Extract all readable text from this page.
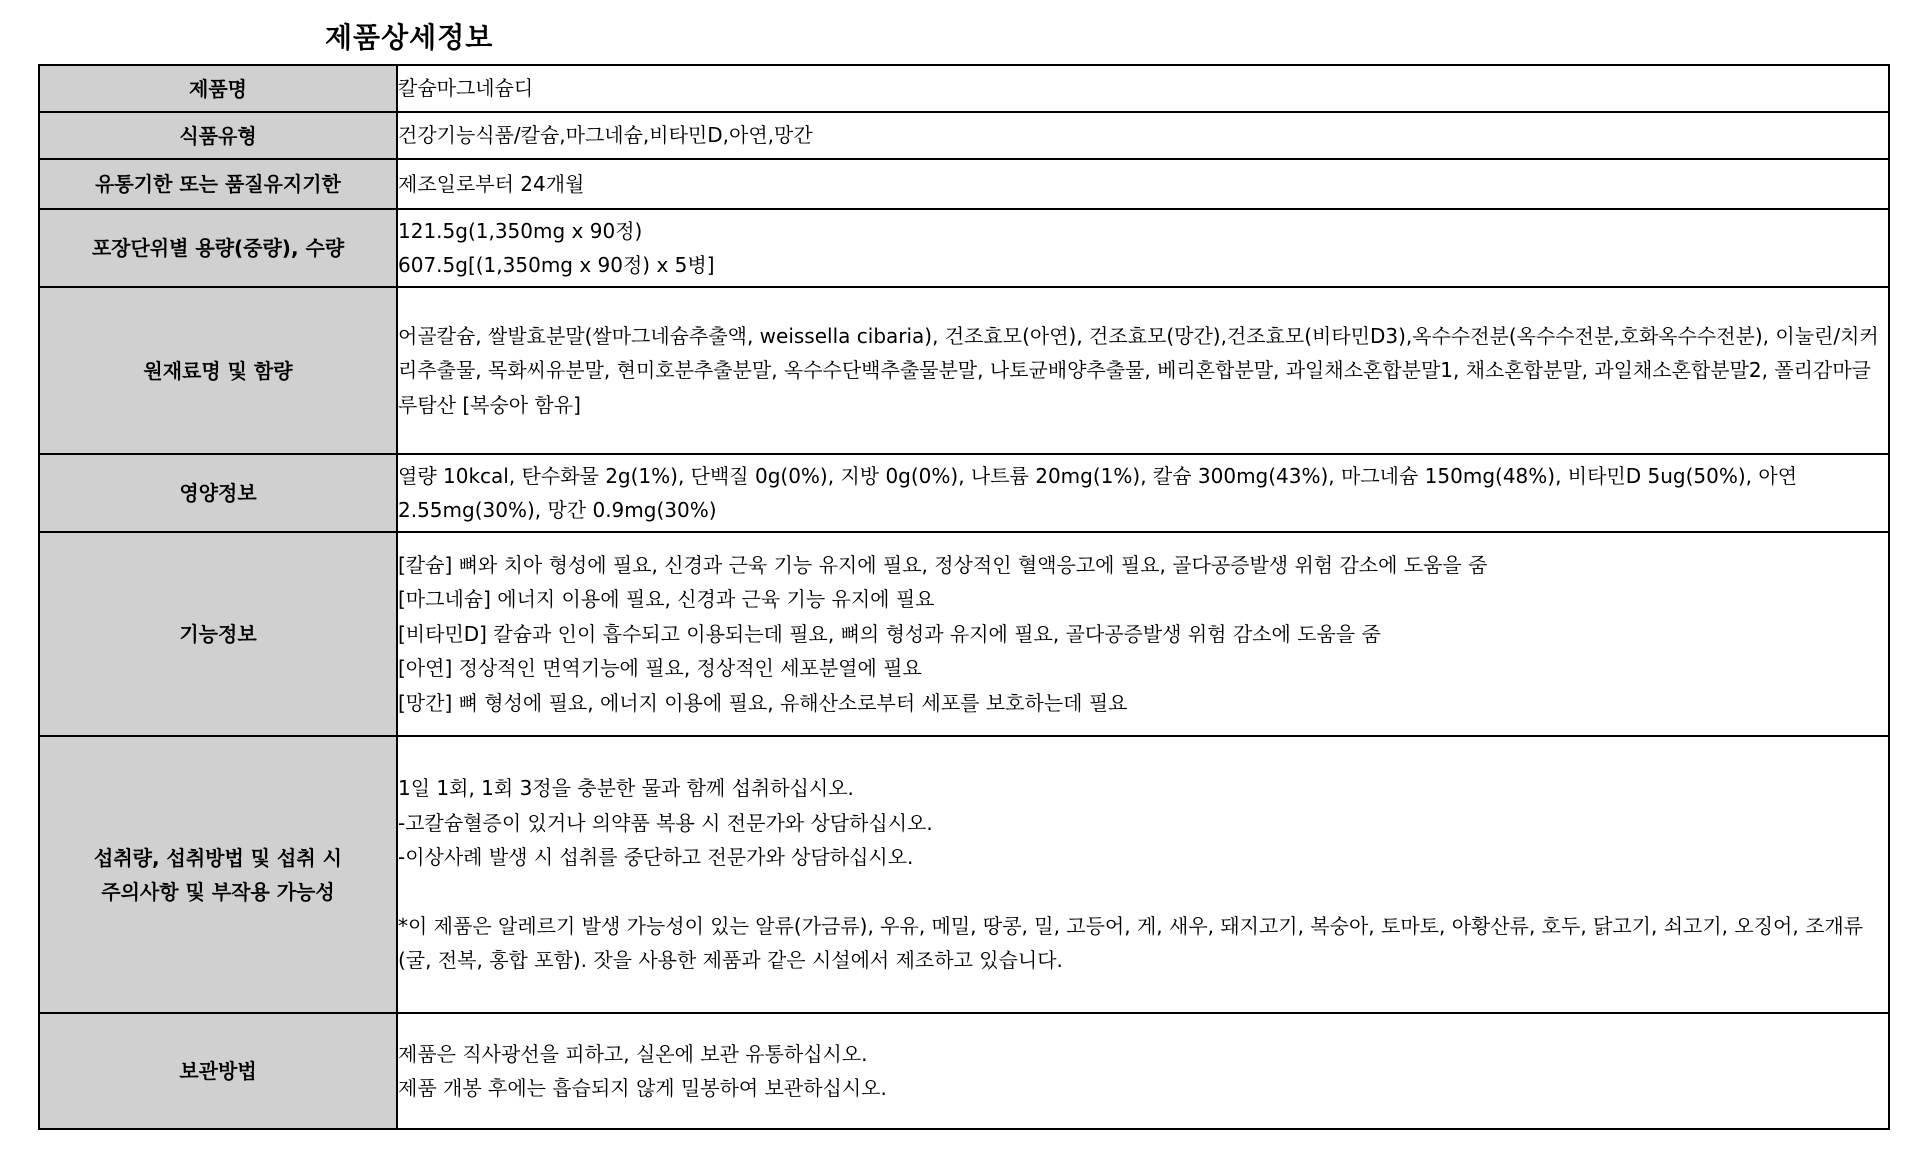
제품상세정보
제품명	칼슘마그네슘디
식품유형	건강기능식품/칼슘,마그네슘,비타민D,아연,망간
유통기한 또는 품질유지기한	제조일로부터 24개월
포장단위별 용량(중량), 수량	121.5g(1,350mg x 90정)
607.5g[(1,350mg x 90정) x 5병]

원재료명 및 함량	어골칼슘, 쌀발효분말(쌀마그네슘추출액, weissella cibaria), 건조효모(아연), 건조효모(망간),건조효모(비타민D3),옥수수전분(옥수수전분,호화옥수수전분), 이눌린/치커리추출물, 목화씨유분말, 현미호분추출분말, 옥수수단백추출물분말, 나토균배양추출물, 베리혼합분말, 과일채소혼합분말1, 채소혼합분말, 과일채소혼합분말2, 폴리감마글루탐산 [복숭아 함유]

영양정보	열량 10kcal, 탄수화물 2g(1%), 단백질 0g(0%), 지방 0g(0%), 나트륨 20mg(1%), 칼슘 300mg(43%), 마그네슘 150mg(48%), 비타민D 5ug(50%), 아연 2.55mg(30%), 망간 0.9mg(30%)

기능정보	[칼슘] 뼈와 치아 형성에 필요, 신경과 근육 기능 유지에 필요, 정상적인 혈액응고에 필요, 골다공증발생 위험 감소에 도움을 줌
[마그네슘] 에너지 이용에 필요, 신경과 근육 기능 유지에 필요
[비타민D] 칼슘과 인이 흡수되고 이용되는데 필요, 뼈의 형성과 유지에 필요, 골다공증발생 위험 감소에 도움을 줌
[아연] 정상적인 면역기능에 필요, 정상적인 세포분열에 필요
[망간] 뼈 형성에 필요, 에너지 이용에 필요, 유해산소로부터 세포를 보호하는데 필요

섭취량, 섭취방법 및 섭취 시
주의사항 및 부작용 가능성	1일 1회, 1회 3정을 충분한 물과 함께 섭취하십시오.
-고칼슘혈증이 있거나 의약품 복용 시 전문가와 상담하십시오.
-이상사례 발생 시 섭취를 중단하고 전문가와 상담하십시오.
*이 제품은 알레르기 발생 가능성이 있는 알류(가금류), 우유, 메밀, 땅콩, 밀, 고등어, 게, 새우, 돼지고기, 복숭아, 토마토, 아황산류, 호두, 닭고기, 쇠고기, 오징어, 조개류(굴, 전복, 홍합 포함). 잣을 사용한 제품과 같은 시설에서 제조하고 있습니다.

보관방법	제품은 직사광선을 피하고, 실온에 보관 유통하십시오.
제품 개봉 후에는 흡습되지 않게 밀봉하여 보관하십시오.
